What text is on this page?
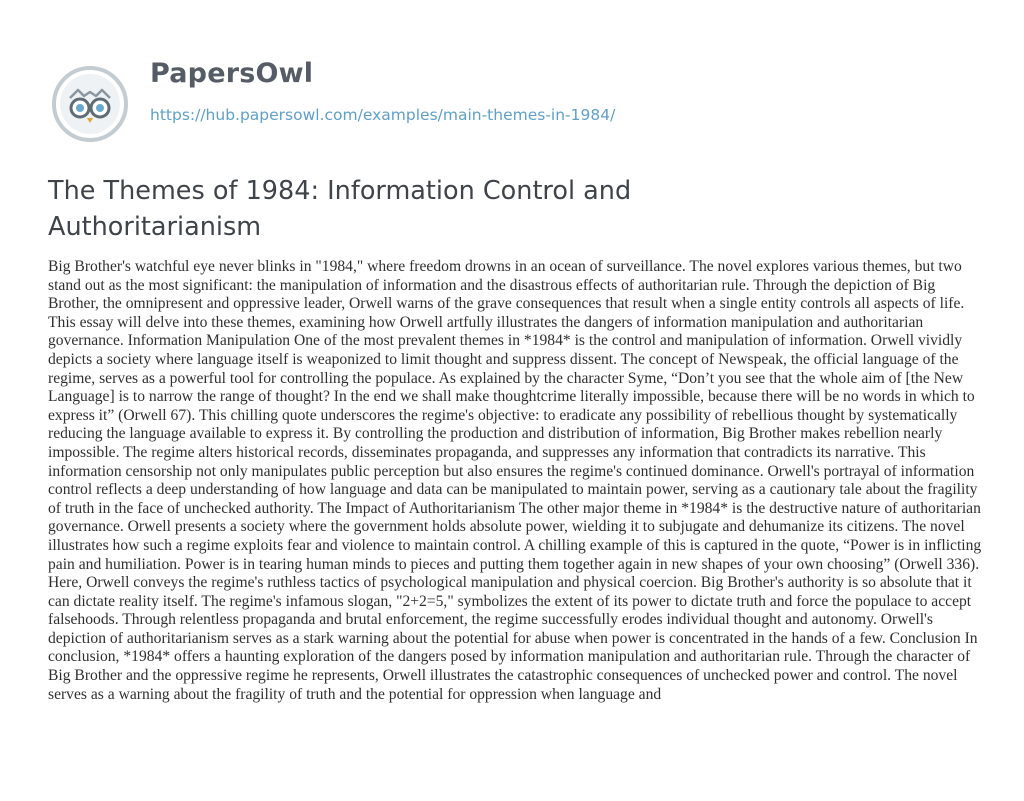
PapersOwl
https://hub.papersowl.com/examples/main-themes-in-1984/
The Themes of 1984: Information Control and Authoritarianism

Big Brother's watchful eye never blinks in "1984," where freedom drowns in an ocean of surveillance. The novel explores various themes, but two stand out as the most significant: the manipulation of information and the disastrous effects of authoritarian rule. Through the depiction of Big Brother, the omnipresent and oppressive leader, Orwell warns of the grave consequences that result when a single entity controls all aspects of life. This essay will delve into these themes, examining how Orwell artfully illustrates the dangers of information manipulation and authoritarian governance. Information Manipulation One of the most prevalent themes in *1984* is the control and manipulation of information. Orwell vividly depicts a society where language itself is weaponized to limit thought and suppress dissent. The concept of Newspeak, the official language of the regime, serves as a powerful tool for controlling the populace. As explained by the character Syme, “Don’t you see that the whole aim of [the New Language] is to narrow the range of thought? In the end we shall make thoughtcrime literally impossible, because there will be no words in which to express it” (Orwell 67). This chilling quote underscores the regime's objective: to eradicate any possibility of rebellious thought by systematically reducing the language available to express it. By controlling the production and distribution of information, Big Brother makes rebellion nearly impossible. The regime alters historical records, disseminates propaganda, and suppresses any information that contradicts its narrative. This information censorship not only manipulates public perception but also ensures the regime's continued dominance. Orwell's portrayal of information control reflects a deep understanding of how language and data can be manipulated to maintain power, serving as a cautionary tale about the fragility of truth in the face of unchecked authority. The Impact of Authoritarianism The other major theme in *1984* is the destructive nature of authoritarian governance. Orwell presents a society where the government holds absolute power, wielding it to subjugate and dehumanize its citizens. The novel illustrates how such a regime exploits fear and violence to maintain control. A chilling example of this is captured in the quote, “Power is in inflicting pain and humiliation. Power is in tearing human minds to pieces and putting them together again in new shapes of your own choosing” (Orwell 336). Here, Orwell conveys the regime's ruthless tactics of psychological manipulation and physical coercion. Big Brother's authority is so absolute that it can dictate reality itself. The regime's infamous slogan, "2+2=5," symbolizes the extent of its power to dictate truth and force the populace to accept falsehoods. Through relentless propaganda and brutal enforcement, the regime successfully erodes individual thought and autonomy. Orwell's depiction of authoritarianism serves as a stark warning about the potential for abuse when power is concentrated in the hands of a few. Conclusion In conclusion, *1984* offers a haunting exploration of the dangers posed by information manipulation and authoritarian rule. Through the character of Big Brother and the oppressive regime he represents, Orwell illustrates the catastrophic consequences of unchecked power and control. The novel serves as a warning about the fragility of truth and the potential for oppression when language and
